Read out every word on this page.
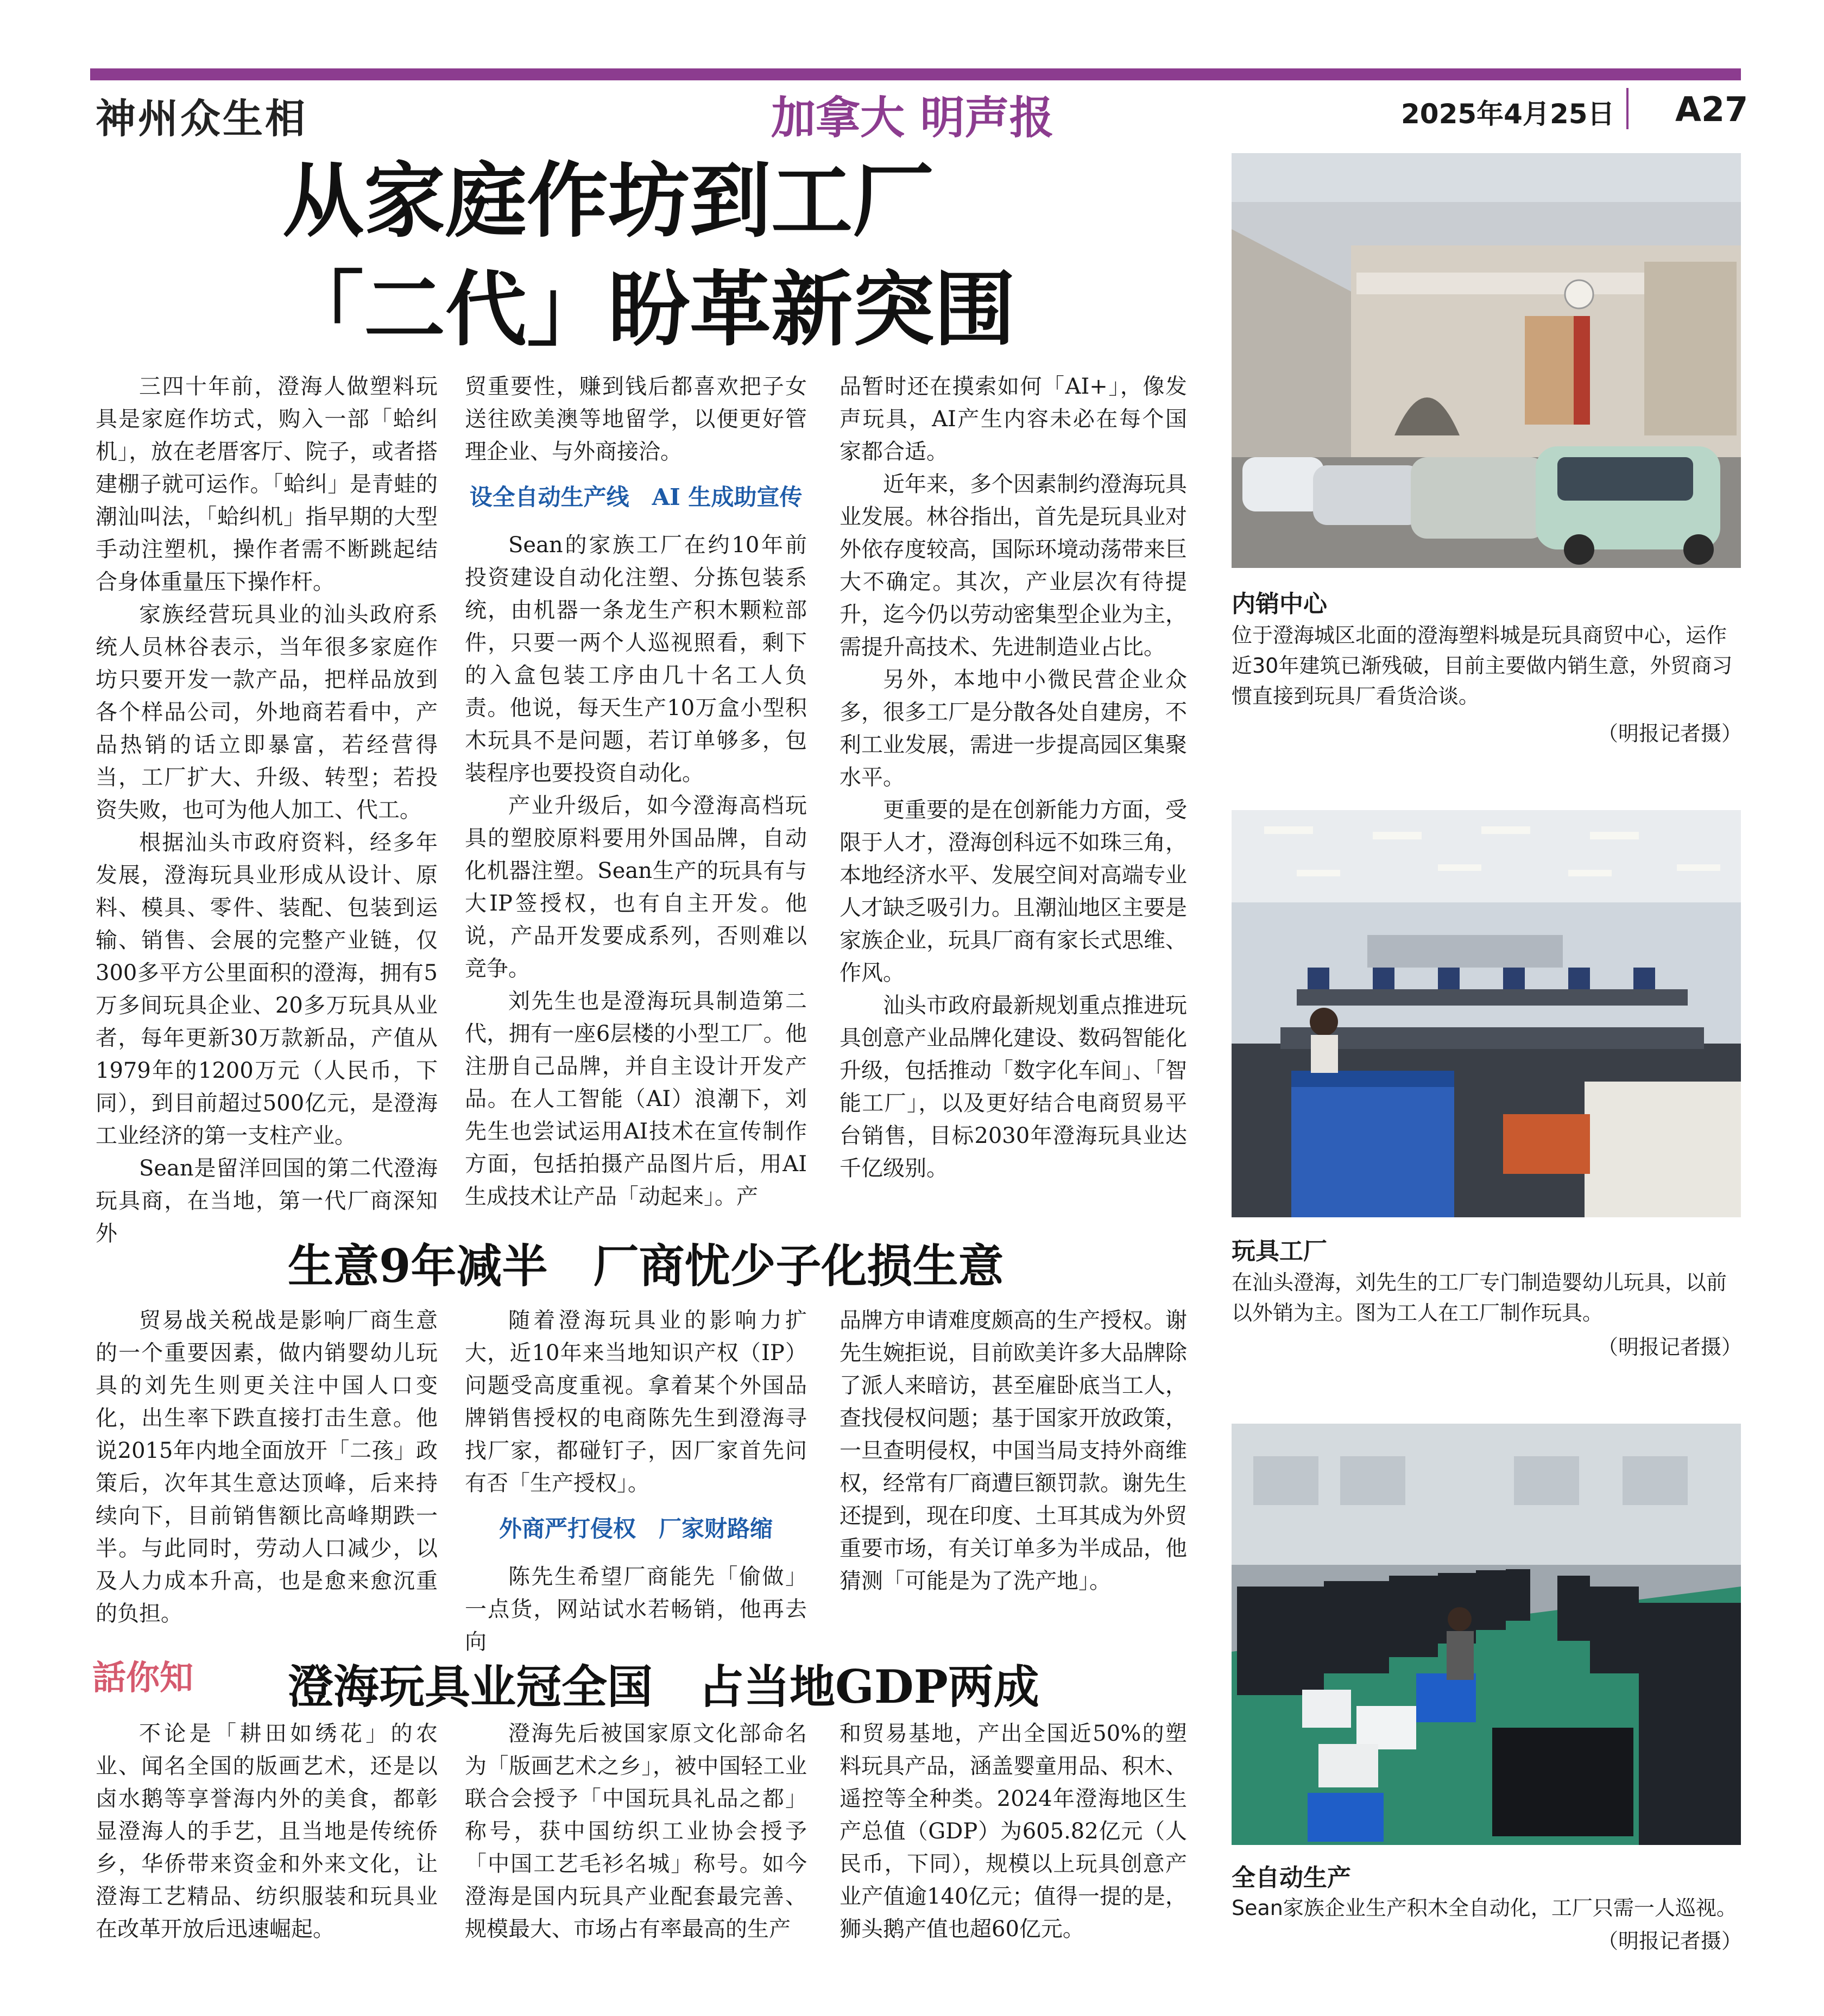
神州众生相	加拿大 明声报	2025年4月25日 A27
从家庭作坊到工厂
「二代」盼革新突围

三四十年前，澄海人做塑料玩具是家庭作坊式，购入一部「蛤纠机」，放在老厝客厅、院子，或者搭建棚子就可运作。「蛤纠」是青蛙的潮汕叫法，「蛤纠机」指早期的大型手动注塑机，操作者需不断跳起结合身体重量压下操作杆。

家族经营玩具业的汕头政府系统人员林谷表示，当年很多家庭作坊只要开发一款产品，把样品放到各个样品公司，外地商若看中，产品热销的话立即暴富，若经营得当，工厂扩大、升级、转型；若投资失败，也可为他人加工、代工。

根据汕头市政府资料，经多年发展，澄海玩具业形成从设计、原料、模具、零件、装配、包装到运输、销售、会展的完整产业链，仅300多平方公里面积的澄海，拥有5万多间玩具企业、20多万玩具从业者，每年更新30万款新品，产值从1979年的1200万元（人民币，下同），到目前超过500亿元，是澄海工业经济的第一支柱产业。

Sean是留洋回国的第二代澄海玩具商，在当地，第一代厂商深知外

贸重要性，赚到钱后都喜欢把子女送往欧美澳等地留学，以便更好管理企业、与外商接洽。

设全自动生产线　AI 生成助宣传

Sean的家族工厂在约10年前投资建设自动化注塑、分拣包装系统，由机器一条龙生产积木颗粒部件，只要一两个人巡视照看，剩下的入盒包装工序由几十名工人负责。他说，每天生产10万盒小型积木玩具不是问题，若订单够多，包装程序也要投资自动化。

产业升级后，如今澄海高档玩具的塑胶原料要用外国品牌，自动化机器注塑。Sean生产的玩具有与大IP签授权，也有自主开发。他说，产品开发要成系列，否则难以竞争。

刘先生也是澄海玩具制造第二代，拥有一座6层楼的小型工厂。他注册自己品牌，并自主设计开发产品。在人工智能（AI）浪潮下，刘先生也尝试运用AI技术在宣传制作方面，包括拍摄产品图片后，用AI生成技术让产品「动起来」。产

品暂时还在摸索如何「AI+」，像发声玩具，AI产生内容未必在每个国家都合适。

近年来，多个因素制约澄海玩具业发展。林谷指出，首先是玩具业对外依存度较高，国际环境动荡带来巨大不确定。其次，产业层次有待提升，迄今仍以劳动密集型企业为主，需提升高技术、先进制造业占比。

另外，本地中小微民营企业众多，很多工厂是分散各处自建房，不利工业发展，需进一步提高园区集聚水平。

更重要的是在创新能力方面，受限于人才，澄海创科远不如珠三角，本地经济水平、发展空间对高端专业人才缺乏吸引力。且潮汕地区主要是家族企业，玩具厂商有家长式思维、作风。

汕头市政府最新规划重点推进玩具创意产业品牌化建设、数码智能化升级，包括推动「数字化车间」、「智能工厂」，以及更好结合电商贸易平台销售，目标2030年澄海玩具业达千亿级别。

生意9年减半　厂商忧少子化损生意

贸易战关税战是影响厂商生意的一个重要因素，做内销婴幼儿玩具的刘先生则更关注中国人口变化，出生率下跌直接打击生意。他说2015年内地全面放开「二孩」政策后，次年其生意达顶峰，后来持续向下，目前销售额比高峰期跌一半。与此同时，劳动人口减少，以及人力成本升高，也是愈来愈沉重的负担。

随着澄海玩具业的影响力扩大，近10年来当地知识产权（IP）问题受高度重视。拿着某个外国品牌销售授权的电商陈先生到澄海寻找厂家，都碰钉子，因厂家首先问有否「生产授权」。

外商严打侵权　厂家财路缩

陈先生希望厂商能先「偷做」一点货，网站试水若畅销，他再去向

品牌方申请难度颇高的生产授权。谢先生婉拒说，目前欧美许多大品牌除了派人来暗访，甚至雇卧底当工人，查找侵权问题；基于国家开放政策，一旦查明侵权，中国当局支持外商维权，经常有厂商遭巨额罚款。谢先生还提到，现在印度、土耳其成为外贸重要市场，有关订单多为半成品，他猜测「可能是为了洗产地」。

話你知 澄海玩具业冠全国　占当地GDP两成

不论是「耕田如绣花」的农业、闻名全国的版画艺术，还是以卤水鹅等享誉海内外的美食，都彰显澄海人的手艺，且当地是传统侨乡，华侨带来资金和外来文化，让澄海工艺精品、纺织服装和玩具业在改革开放后迅速崛起。

澄海先后被国家原文化部命名为「版画艺术之乡」，被中国轻工业联合会授予「中国玩具礼品之都」称号，获中国纺织工业协会授予「中国工艺毛衫名城」称号。如今澄海是国内玩具产业配套最完善、规模最大、市场占有率最高的生产

和贸易基地，产出全国近50%的塑料玩具产品，涵盖婴童用品、积木、遥控等全种类。2024年澄海地区生产总值（GDP）为605.82亿元（人民币，下同），规模以上玩具创意产业产值逾140亿元；值得一提的是，狮头鹅产值也超60亿元。

内销中心
位于澄海城区北面的澄海塑料城是玩具商贸中心，运作近30年建筑已渐残破，目前主要做内销生意，外贸商习惯直接到玩具厂看货洽谈。
（明报记者摄）
玩具工厂
在汕头澄海，刘先生的工厂专门制造婴幼儿玩具，以前以外销为主。图为工人在工厂制作玩具。
（明报记者摄）
全自动生产
Sean家族企业生产积木全自动化，工厂只需一人巡视。
（明报记者摄）
